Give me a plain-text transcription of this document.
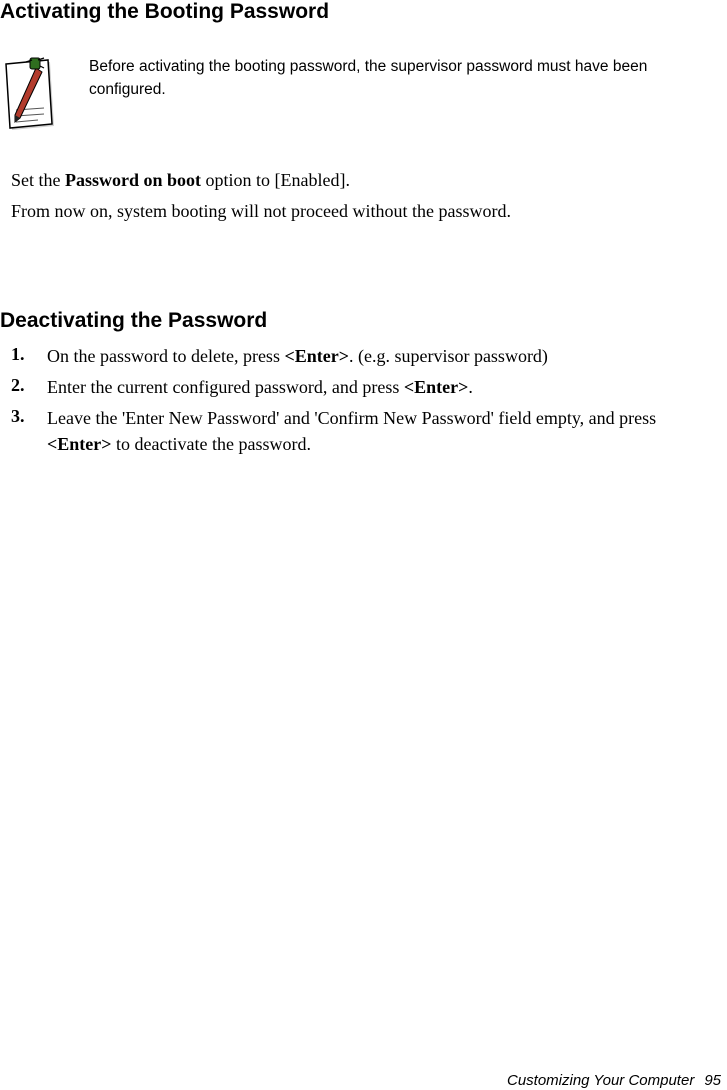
Activating the Booting Password
Before activating the booting password, the supervisor password must have been configured.

Set the Password on boot option to [Enabled].

From now on, system booting will not proceed without the password.

Deactivating the Password
1. On the password to delete, press <Enter>. (e.g. supervisor password)
2. Enter the current configured password, and press <Enter>.
3. Leave the 'Enter New Password' and 'Confirm New Password' field empty, and press <Enter> to deactivate the password.
Customizing Your Computer 95
